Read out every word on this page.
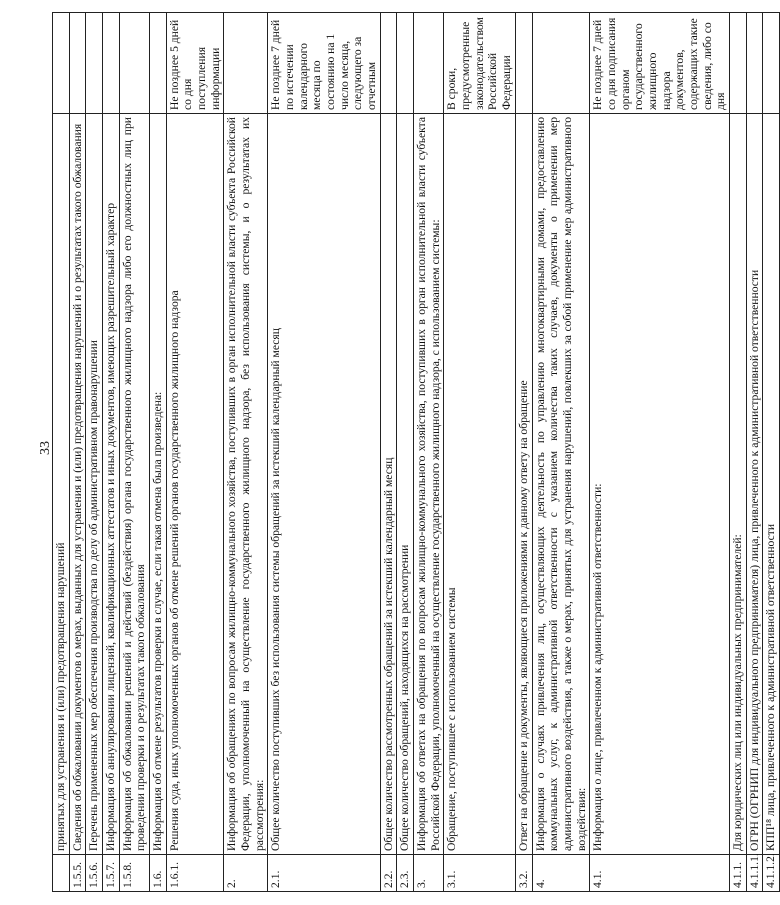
33
	принятых для устранения и (или) предотвращения нарушений	
1.5.5.	Сведения об обжаловании документов о мерах, выданных для устранения и (или) предотвращения нарушений и о результатах такого обжалования	
1.5.6.	Перечень примененных мер обеспечения производства по делу об административном правонарушении	
1.5.7.	Информация об аннулировании лицензий, квалификационных аттестатов и иных документов, имеющих разрешительный характер	
1.5.8.	Информация об обжаловании решений и действий (бездействия) органа государственного жилищного надзора либо его должностных лиц при проведении проверки и о результатах такого обжалования	
1.6.	Информация об отмене результатов проверки в случае, если такая отмена была произведена:	
1.6.1.	Решения суда, иных уполномоченных органов об отмене решений органов государственного жилищного надзора	Не позднее 5 дней со дня поступления информации
2.	Информация об обращениях по вопросам жилищно-коммунального хозяйства, поступивших в орган исполнительной власти субъекта Российской Федерации, уполномоченный на осуществление государственного жилищного надзора, без использования системы, и о результатах их рассмотрения:	
2.1.	Общее количество поступивших без использования системы обращений за истекший календарный месяц	Не позднее 7 дней по истечении календарного месяца по состоянию на 1 число месяца, следующего за отчетным
2.2.	Общее количество рассмотренных обращений за истекший календарный месяц	
2.3.	Общее количество обращений, находящихся на рассмотрении	
3.	Информация об ответах на обращения по вопросам жилищно-коммунального хозяйства, поступивших в орган исполнительной власти субъекта Российской Федерации, уполномоченный на осуществление государственного жилищного надзора, с использованием системы:	
3.1.	Обращение, поступившее с использованием системы	В сроки, предусмотренные законодательством Российской Федерации
3.2.	Ответ на обращение и документы, являющиеся приложениями к данному ответу на обращение	
4.	Информация о случаях привлечения лиц, осуществляющих деятельность по управлению многоквартирными домами, предоставлению коммунальных услуг, к административной ответственности с указанием количества таких случаев, документы о применении мер административного воздействия, а также о мерах, принятых для устранения нарушений, повлекших за собой применение мер административного воздействия:	
4.1.	Информация о лице, привлеченном к административной ответственности:	Не позднее 7 дней со дня подписания органом государственного жилищного надзора документов, содержащих такие сведения, либо со дня
4.1.1.	Для юридических лиц или индивидуальных предпринимателей:	
4.1.1.1.	ОГРН (ОГРНИП для индивидуального предпринимателя) лица, привлеченного к административной ответственности	
4.1.1.2.	КПП¹⁸ лица, привлеченного к административной ответственности	
